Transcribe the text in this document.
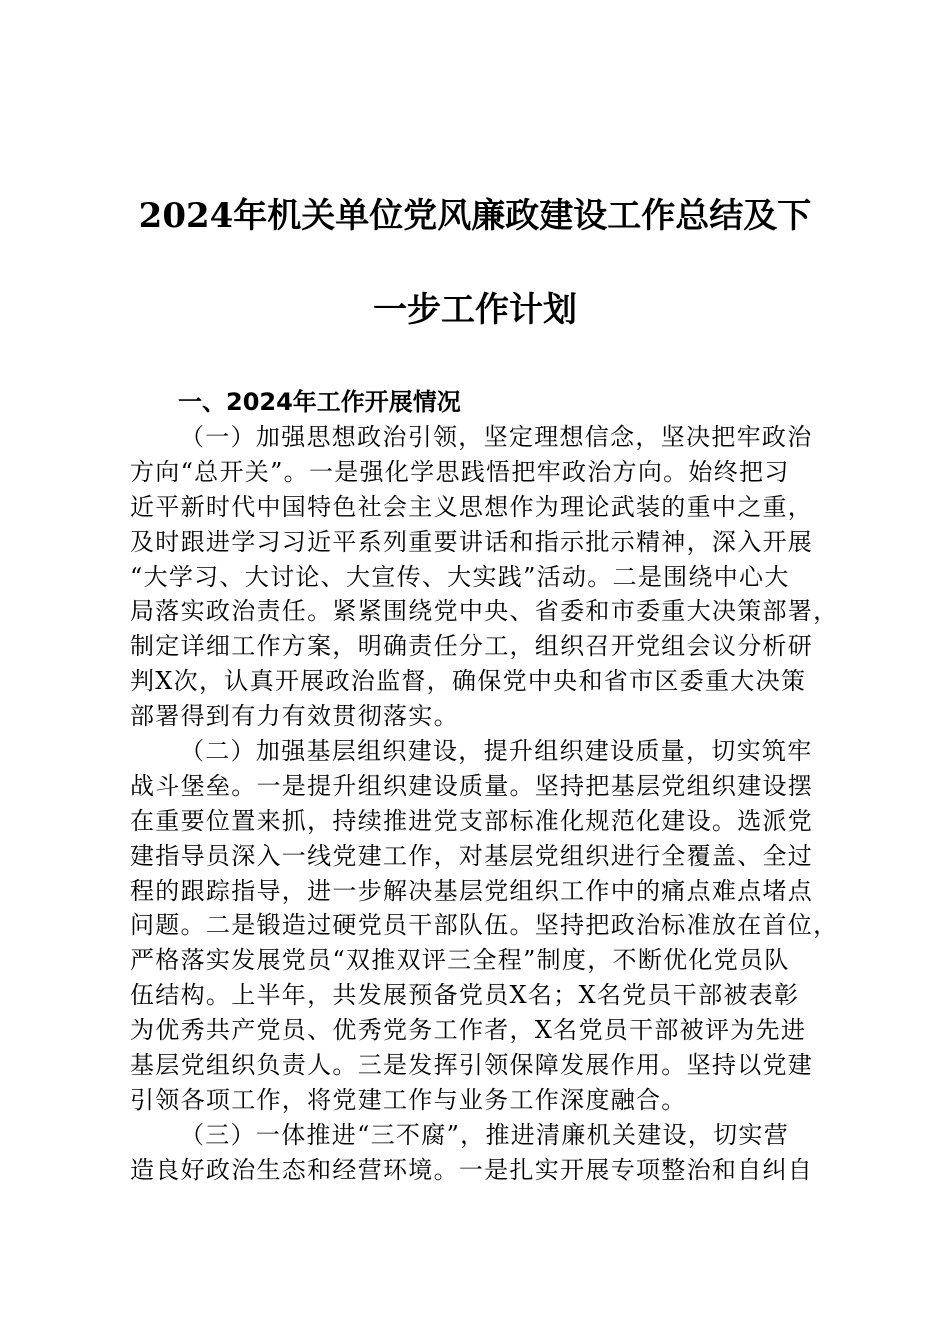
2024年机关单位党风廉政建设工作总结及下
一步工作计划
一、2024年工作开展情况
（一）加强思想政治引领，坚定理想信念，坚决把牢政治
方向“总开关”。一是强化学思践悟把牢政治方向。始终把习
近平新时代中国特色社会主义思想作为理论武装的重中之重，
及时跟进学习习近平系列重要讲话和指示批示精神，深入开展
“大学习、大讨论、大宣传、大实践”活动。二是围绕中心大
局落实政治责任。紧紧围绕党中央、省委和市委重大决策部署，
制定详细工作方案，明确责任分工，组织召开党组会议分析研
判X次，认真开展政治监督，确保党中央和省市区委重大决策
部署得到有力有效贯彻落实。
（二）加强基层组织建设，提升组织建设质量，切实筑牢
战斗堡垒。一是提升组织建设质量。坚持把基层党组织建设摆
在重要位置来抓，持续推进党支部标准化规范化建设。选派党
建指导员深入一线党建工作，对基层党组织进行全覆盖、全过
程的跟踪指导，进一步解决基层党组织工作中的痛点难点堵点
问题。二是锻造过硬党员干部队伍。坚持把政治标准放在首位，
严格落实发展党员“双推双评三全程”制度，不断优化党员队
伍结构。上半年，共发展预备党员X名；X名党员干部被表彰
为优秀共产党员、优秀党务工作者，X名党员干部被评为先进
基层党组织负责人。三是发挥引领保障发展作用。坚持以党建
引领各项工作，将党建工作与业务工作深度融合。
（三）一体推进“三不腐”，推进清廉机关建设，切实营
造良好政治生态和经营环境。一是扎实开展专项整治和自纠自
